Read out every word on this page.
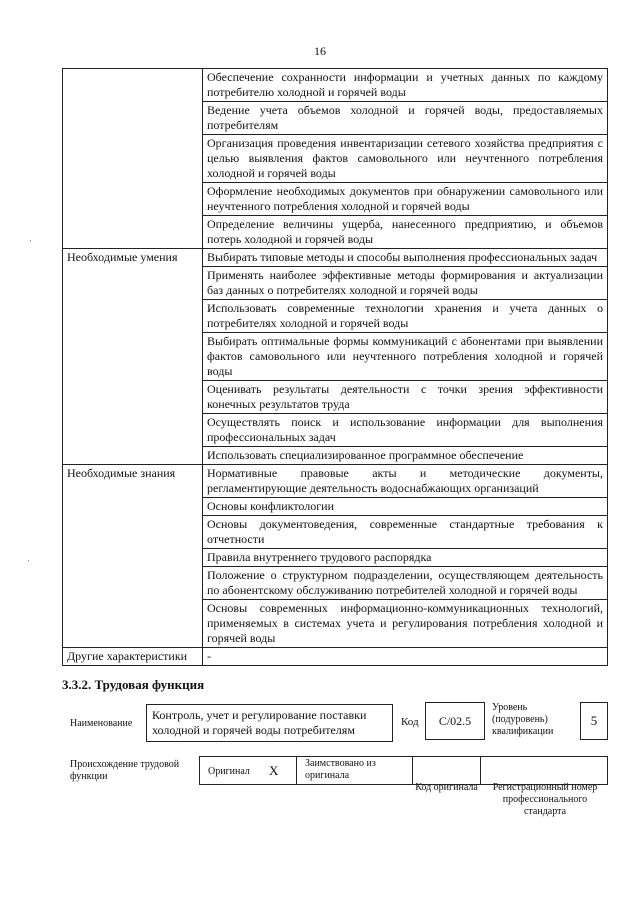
16
	Обеспечение сохранности информации и учетных данных по каждому потребителю холодной и горячей воды
	Ведение учета объемов холодной и горячей воды, предоставляемых потребителям
	Организация проведения инвентаризации сетевого хозяйства предприятия с целью выявления фактов самовольного или неучтенного потребления холодной и горячей воды
	Оформление необходимых документов при обнаружении самовольного или неучтенного потребления холодной и горячей воды
	Определение величины ущерба, нанесенного предприятию, и объемов потерь холодной и горячей воды
Необходимые умения	Выбирать типовые методы и способы выполнения профессиональных задач
	Применять наиболее эффективные методы формирования и актуализации баз данных о потребителях холодной и горячей воды
	Использовать современные технологии хранения и учета данных о потребителях холодной и горячей воды
	Выбирать оптимальные формы коммуникаций с абонентами при выявлении фактов самовольного или неучтенного потребления холодной и горячей воды
	Оценивать результаты деятельности с точки зрения эффективности конечных результатов труда
	Осуществлять поиск и использование информации для выполнения профессиональных задач
	Использовать специализированное программное обеспечение
Необходимые знания	Нормативные правовые акты и методические документы, регламентирующие деятельность водоснабжающих организаций
	Основы конфликтологии
	Основы документоведения, современные стандартные требования к отчетности
	Правила внутреннего трудового распорядка
	Положение о структурном подразделении, осуществляющем деятельность по абонентскому обслуживанию потребителей холодной и горячей воды
	Основы современных информационно-коммуникационных технологий, применяемых в системах учета и регулирования потребления холодной и горячей воды
Другие характеристики	-
3.3.2. Трудовая функция
Наименование
Контроль, учет и регулирование поставки холодной и горячей воды потребителям
Код	C/02.5
Уровень (подуровень) квалификации
5
Происхождение трудовой функции	Оригинал X	Заимствовано из оригинала
Код оригинала	Регистрационный номер профессионального стандарта
